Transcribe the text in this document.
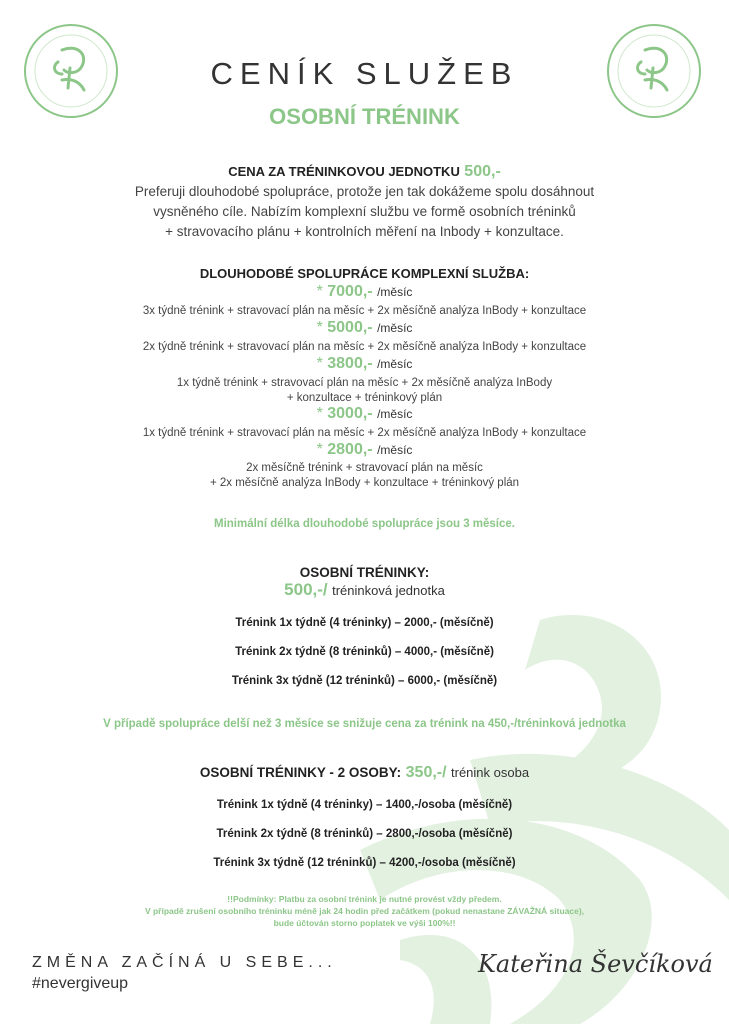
CENÍK SLUŽEB
OSOBNÍ TRÉNINK
CENA ZA TRÉNINKOVOU JEDNOTKU 500,-
Preferuji dlouhodobé spolupráce, protože jen tak dokážeme spolu dosáhnout
vysněného cíle. Nabízím komplexní službu ve formě osobních tréninků
+ stravovacího plánu + kontrolních měření na Inbody + konzultace.
DLOUHODOBÉ SPOLUPRÁCE KOMPLEXNÍ SLUŽBA:
* 7000,- /měsíc
3x týdně trénink + stravovací plán na měsíc + 2x měsíčně analýza InBody + konzultace
* 5000,- /měsíc
2x týdně trénink + stravovací plán na měsíc + 2x měsíčně analýza InBody + konzultace
* 3800,- /měsíc
1x týdně trénink + stravovací plán na měsíc + 2x měsíčně analýza InBody
+ konzultace + tréninkový plán
* 3000,- /měsíc
1x týdně trénink + stravovací plán na měsíc + 2x měsíčně analýza InBody + konzultace
* 2800,- /měsíc
2x měsíčně trénink + stravovací plán na měsíc
+ 2x měsíčně analýza InBody + konzultace + tréninkový plán
Minimální délka dlouhodobé spolupráce jsou 3 měsíce.
OSOBNÍ TRÉNINKY:
500,-/ tréninková jednotka
Trénink 1x týdně (4 tréninky) – 2000,- (měsíčně)
Trénink 2x týdně (8 tréninků) – 4000,- (měsíčně)
Trénink 3x týdně (12 tréninků) – 6000,- (měsíčně)
V případě spolupráce delší než 3 měsíce se snižuje cena za trénink na 450,-/tréninková jednotka
OSOBNÍ TRÉNINKY - 2 OSOBY: 350,-/ trénink osoba
Trénink 1x týdně (4 tréninky) – 1400,-/osoba (měsíčně)
Trénink 2x týdně (8 tréninků) – 2800,-/osoba (měsíčně)
Trénink 3x týdně (12 tréninků) – 4200,-/osoba (měsíčně)
!!Podmínky: Platbu za osobní trénink je nutné provést vždy předem.
V případě zrušení osobního tréninku méně jak 24 hodin před začátkem (pokud nenastane ZÁVAŽNÁ situace),
bude účtován storno poplatek ve výši 100%!!
ZMĚNA ZAČÍNÁ U SEBE...
#nevergiveup
Kateřina Ševčíková
